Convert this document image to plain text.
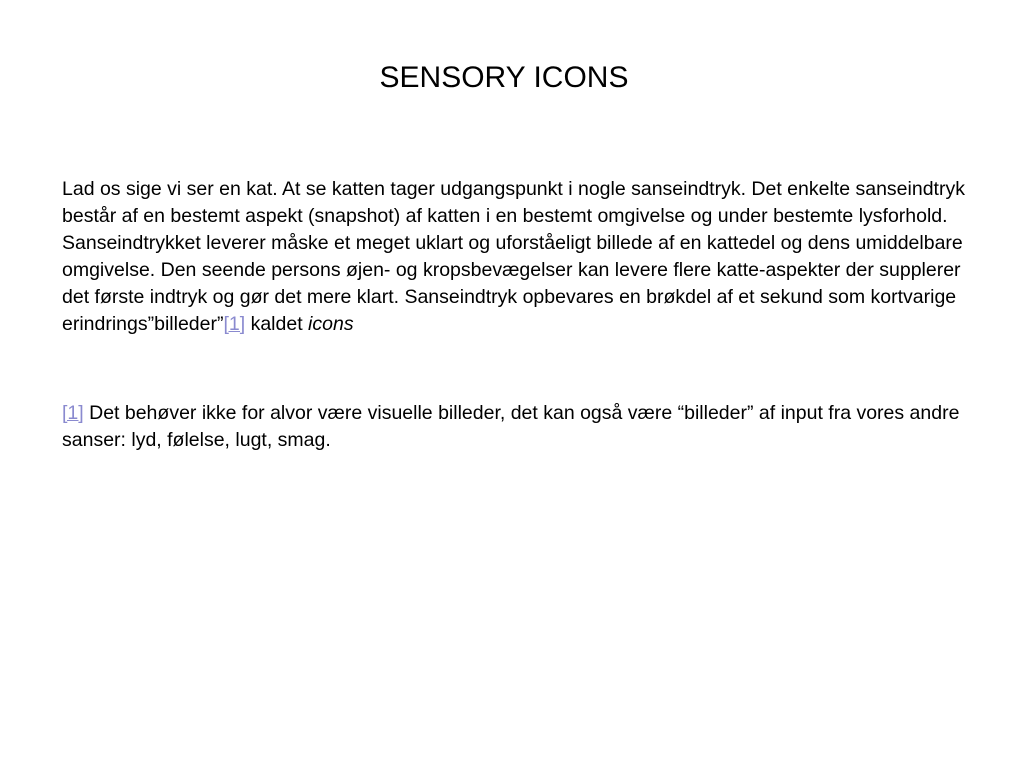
SENSORY ICONS

Lad os sige vi ser en kat. At se katten tager udgangspunkt i nogle sanseindtryk. Det enkelte sanseindtryk består af en bestemt aspekt (snapshot) af katten i en bestemt omgivelse og under bestemte lysforhold. Sanseindtrykket leverer måske et meget uklart og uforståeligt billede af en kattedel og dens umiddelbare omgivelse. Den seende persons øjen- og kropsbevægelser kan levere flere katte-aspekter der supplerer det første indtryk og gør det mere klart. Sanseindtryk opbevares en brøkdel af et sekund som kortvarige erindrings”billeder”[1] kaldet icons

[1] Det behøver ikke for alvor være visuelle billeder, det kan også være “billeder” af input fra vores andre sanser: lyd, følelse, lugt, smag.
